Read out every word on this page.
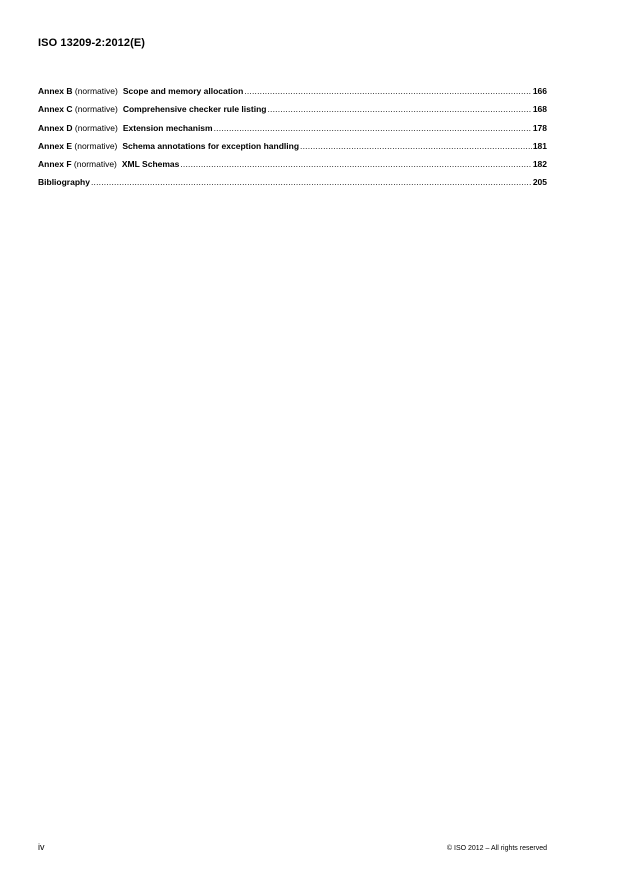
ISO 13209-2:2012(E)
Annex B (normative) Scope and memory allocation .....	166
Annex C (normative) Comprehensive checker rule listing .....	168
Annex D (normative) Extension mechanism .....	178
Annex E (normative) Schema annotations for exception handling .....	181
Annex F (normative) XML Schemas .....	182
Bibliography .....	205
iv	© ISO 2012 – All rights reserved
